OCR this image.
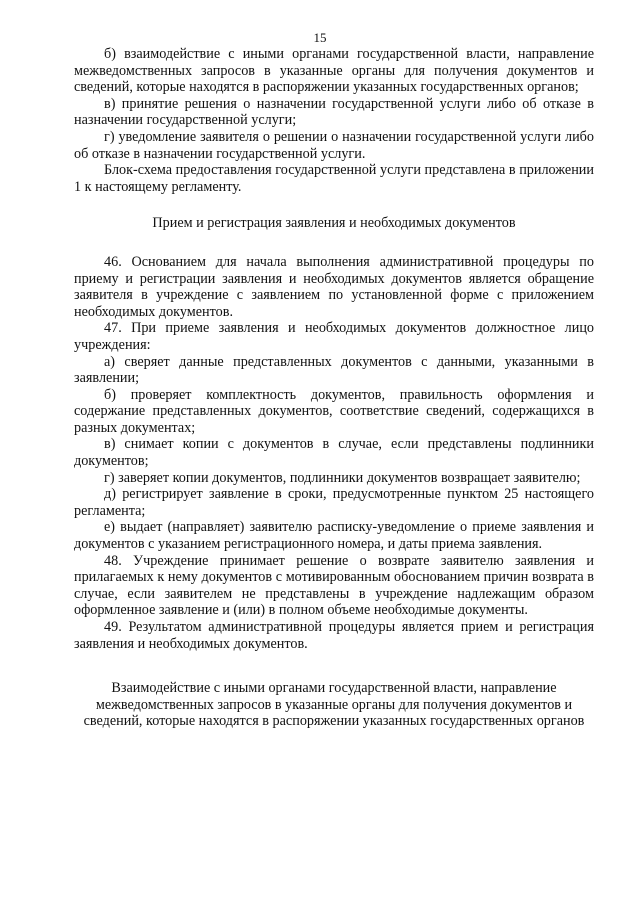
15

б) взаимодействие с иными органами государственной власти, направление межведомственных запросов в указанные органы для получения документов и сведений, которые находятся в распоряжении указанных государственных органов;

в) принятие решения о назначении государственной услуги либо об отказе в назначении государственной услуги;

г) уведомление заявителя о решении о назначении государственной услуги либо об отказе в назначении государственной услуги.

Блок-схема предоставления государственной услуги представлена в приложении 1 к настоящему регламенту.

Прием и регистрация заявления и необходимых документов

46. Основанием для начала выполнения административной процедуры по приему и регистрации заявления и необходимых документов является обращение заявителя в учреждение с заявлением по установленной форме с приложением необходимых документов.

47. При приеме заявления и необходимых документов должностное лицо учреждения:

а) сверяет данные представленных документов с данными, указанными в заявлении;

б) проверяет комплектность документов, правильность оформления и содержание представленных документов, соответствие сведений, содержащихся в разных документах;

в) снимает копии с документов в случае, если представлены подлинники документов;

г) заверяет копии документов, подлинники документов возвращает заявителю;

д) регистрирует заявление в сроки, предусмотренные пунктом 25 настоящего регламента;

е) выдает (направляет) заявителю расписку-уведомление о приеме заявления и документов с указанием регистрационного номера, и даты приема заявления.

48. Учреждение принимает решение о возврате заявителю заявления и прилагаемых к нему документов с мотивированным обоснованием причин возврата в случае, если заявителем не представлены в учреждение надлежащим образом оформленное заявление и (или) в полном объеме необходимые документы.

49. Результатом административной процедуры является прием и регистрация заявления и необходимых документов.

Взаимодействие с иными органами государственной власти, направление межведомственных запросов в указанные органы для получения документов и сведений, которые находятся в распоряжении указанных государственных органов
